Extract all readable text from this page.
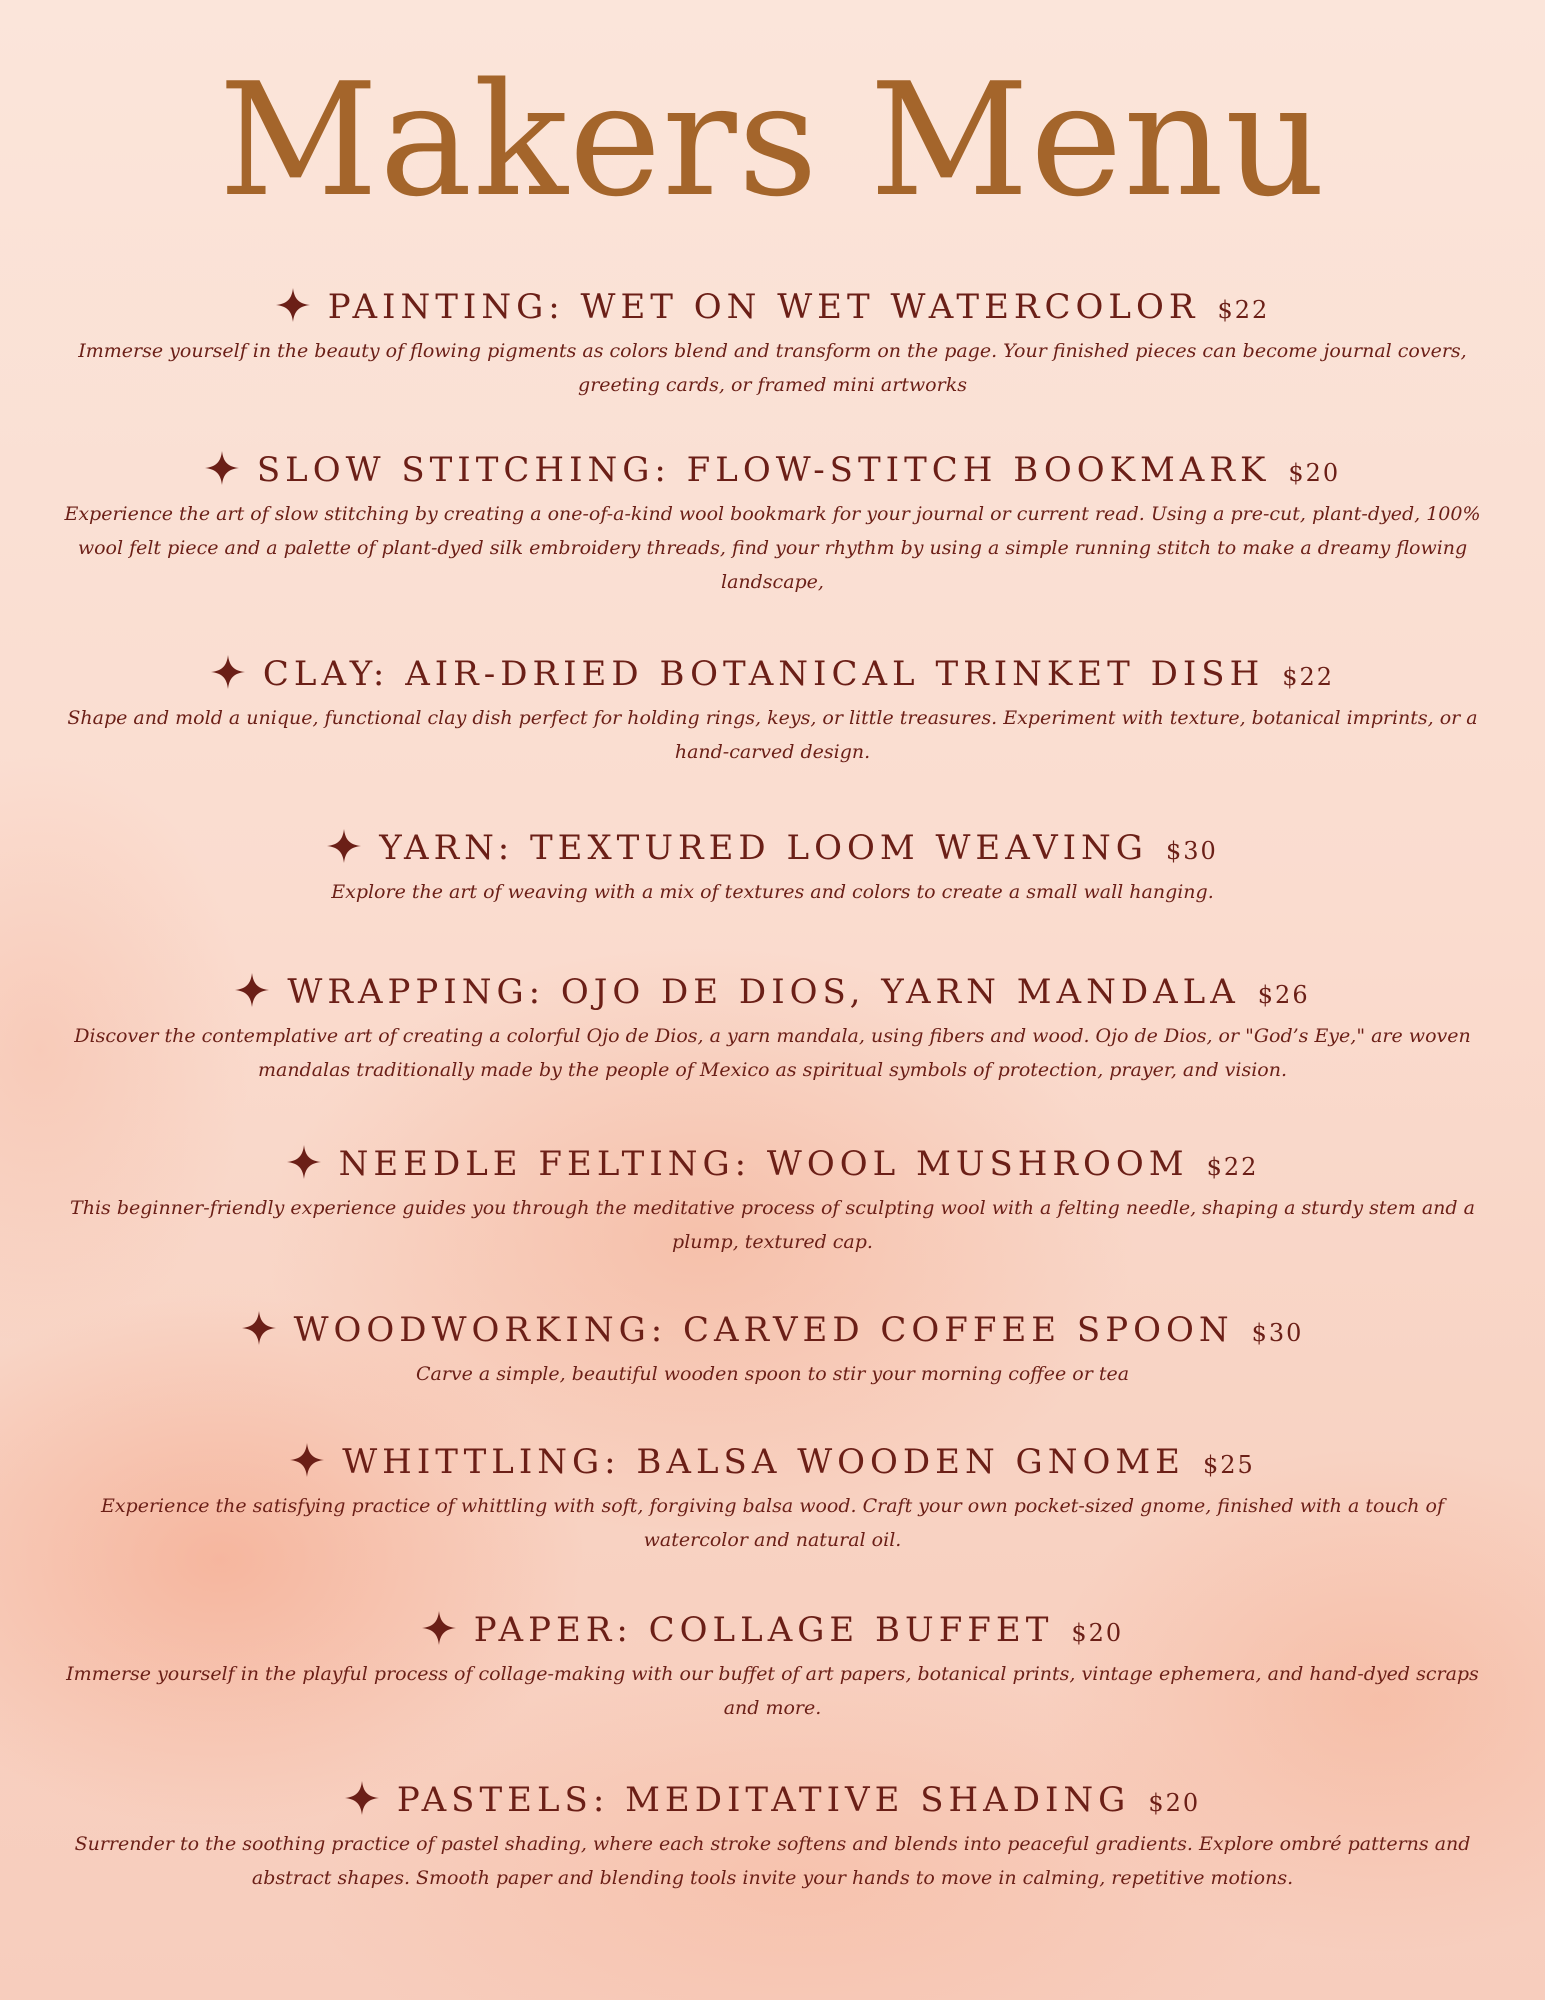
Makers Menu
PAINTING: WET ON WET WATERCOLOR $22

Immerse yourself in the beauty of flowing pigments as colors blend and transform on the page. Your finished pieces can become journal covers, greeting cards, or framed mini artworks

SLOW STITCHING: FLOW-STITCH BOOKMARK $20

Experience the art of slow stitching by creating a one-of-a-kind wool bookmark for your journal or current read. Using a pre-cut, plant-dyed, 100% wool felt piece and a palette of plant-dyed silk embroidery threads, find your rhythm by using a simple running stitch to make a dreamy flowing landscape,

CLAY: AIR-DRIED BOTANICAL TRINKET DISH $22

Shape and mold a unique, functional clay dish perfect for holding rings, keys, or little treasures. Experiment with texture, botanical imprints, or a hand-carved design.

YARN: TEXTURED LOOM WEAVING $30

Explore the art of weaving with a mix of textures and colors to create a small wall hanging.

WRAPPING: OJO DE DIOS, YARN MANDALA $26

Discover the contemplative art of creating a colorful Ojo de Dios, a yarn mandala, using fibers and wood. Ojo de Dios, or "God’s Eye," are woven mandalas traditionally made by the people of Mexico as spiritual symbols of protection, prayer, and vision.

NEEDLE FELTING: WOOL MUSHROOM $22

This beginner-friendly experience guides you through the meditative process of sculpting wool with a felting needle, shaping a sturdy stem and a plump, textured cap.

WOODWORKING: CARVED COFFEE SPOON $30

Carve a simple, beautiful wooden spoon to stir your morning coffee or tea

WHITTLING: BALSA WOODEN GNOME $25

Experience the satisfying practice of whittling with soft, forgiving balsa wood. Craft your own pocket-sized gnome, finished with a touch of watercolor and natural oil.

PAPER: COLLAGE BUFFET $20

Immerse yourself in the playful process of collage-making with our buffet of art papers, botanical prints, vintage ephemera, and hand-dyed scraps and more.

PASTELS: MEDITATIVE SHADING $20

Surrender to the soothing practice of pastel shading, where each stroke softens and blends into peaceful gradients. Explore ombré patterns and abstract shapes. Smooth paper and blending tools invite your hands to move in calming, repetitive motions.
